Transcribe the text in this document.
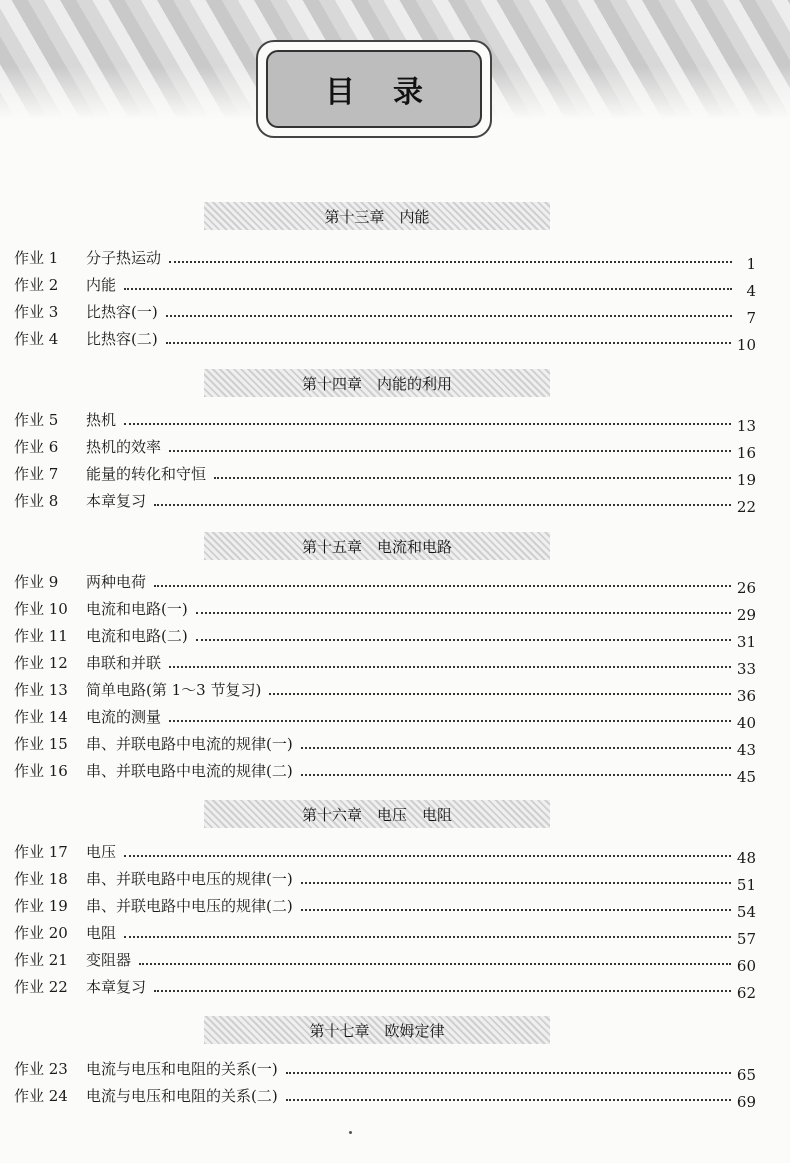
目录
第十三章　内能
作业 1	分子热运动	1
作业 2	内能	4
作业 3	比热容(一)	7
作业 4	比热容(二)	10
第十四章　内能的利用
作业 5	热机	13
作业 6	热机的效率	16
作业 7	能量的转化和守恒	19
作业 8	本章复习	22
第十五章　电流和电路
作业 9	两种电荷	26
作业 10	电流和电路(一)	29
作业 11	电流和电路(二)	31
作业 12	串联和并联	33
作业 13	简单电路(第 1～3 节复习)	36
作业 14	电流的测量	40
作业 15	串、并联电路中电流的规律(一)	43
作业 16	串、并联电路中电流的规律(二)	45
第十六章　电压　电阻
作业 17	电压	48
作业 18	串、并联电路中电压的规律(一)	51
作业 19	串、并联电路中电压的规律(二)	54
作业 20	电阻	57
作业 21	变阻器	60
作业 22	本章复习	62
第十七章　欧姆定律
作业 23	电流与电压和电阻的关系(一)	65
作业 24	电流与电压和电阻的关系(二)	69
